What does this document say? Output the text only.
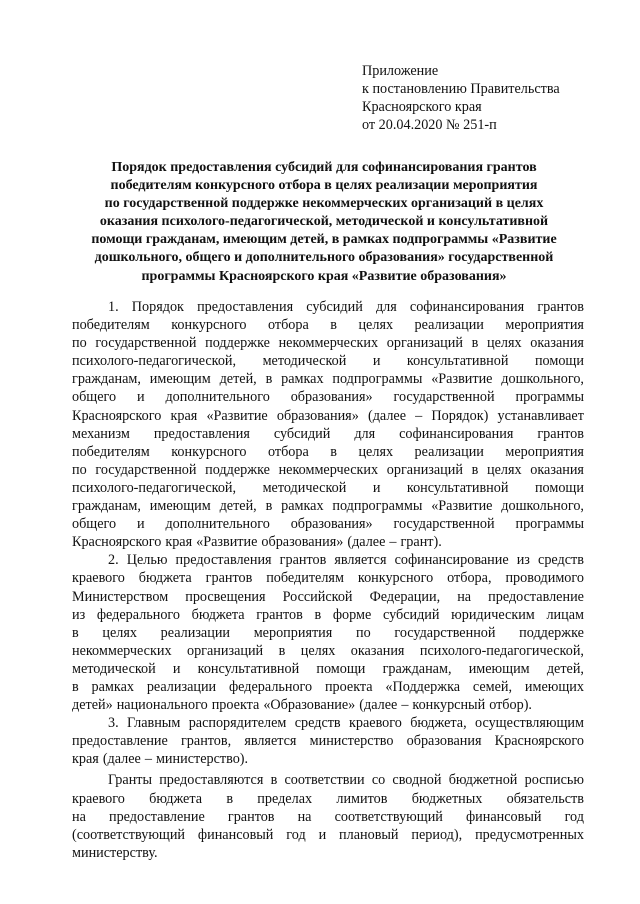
Приложение
к постановлению Правительства
Красноярского края
от 20.04.2020 № 251-п
Порядок предоставления субсидий для софинансирования грантов
победителям конкурсного отбора в целях реализации мероприятия
по государственной поддержке некоммерческих организаций в целях
оказания психолого-педагогической, методической и консультативной
помощи гражданам, имеющим детей, в рамках подпрограммы «Развитие
дошкольного, общего и дополнительного образования» государственной
программы Красноярского края «Развитие образования»
1. Порядок предоставления субсидий для софинансирования грантов
победителям конкурсного отбора в целях реализации мероприятия
по государственной поддержке некоммерческих организаций в целях оказания
психолого-педагогической, методической и консультативной помощи
гражданам, имеющим детей, в рамках подпрограммы «Развитие дошкольного,
общего и дополнительного образования» государственной программы
Красноярского края «Развитие образования» (далее – Порядок) устанавливает
механизм предоставления субсидий для софинансирования грантов
победителям конкурсного отбора в целях реализации мероприятия
по государственной поддержке некоммерческих организаций в целях оказания
психолого-педагогической, методической и консультативной помощи
гражданам, имеющим детей, в рамках подпрограммы «Развитие дошкольного,
общего и дополнительного образования» государственной программы
Красноярского края «Развитие образования» (далее – грант).
2. Целью предоставления грантов является софинансирование из средств
краевого бюджета грантов победителям конкурсного отбора, проводимого
Министерством просвещения Российской Федерации, на предоставление
из федерального бюджета грантов в форме субсидий юридическим лицам
в целях реализации мероприятия по государственной поддержке
некоммерческих организаций в целях оказания психолого-педагогической,
методической и консультативной помощи гражданам, имеющим детей,
в рамках реализации федерального проекта «Поддержка семей, имеющих
детей» национального проекта «Образование» (далее – конкурсный отбор).
3. Главным распорядителем средств краевого бюджета, осуществляющим
предоставление грантов, является министерство образования Красноярского
края (далее – министерство).
Гранты предоставляются в соответствии со сводной бюджетной росписью
краевого бюджета в пределах лимитов бюджетных обязательств
на предоставление грантов на соответствующий финансовый год
(соответствующий финансовый год и плановый период), предусмотренных
министерству.
